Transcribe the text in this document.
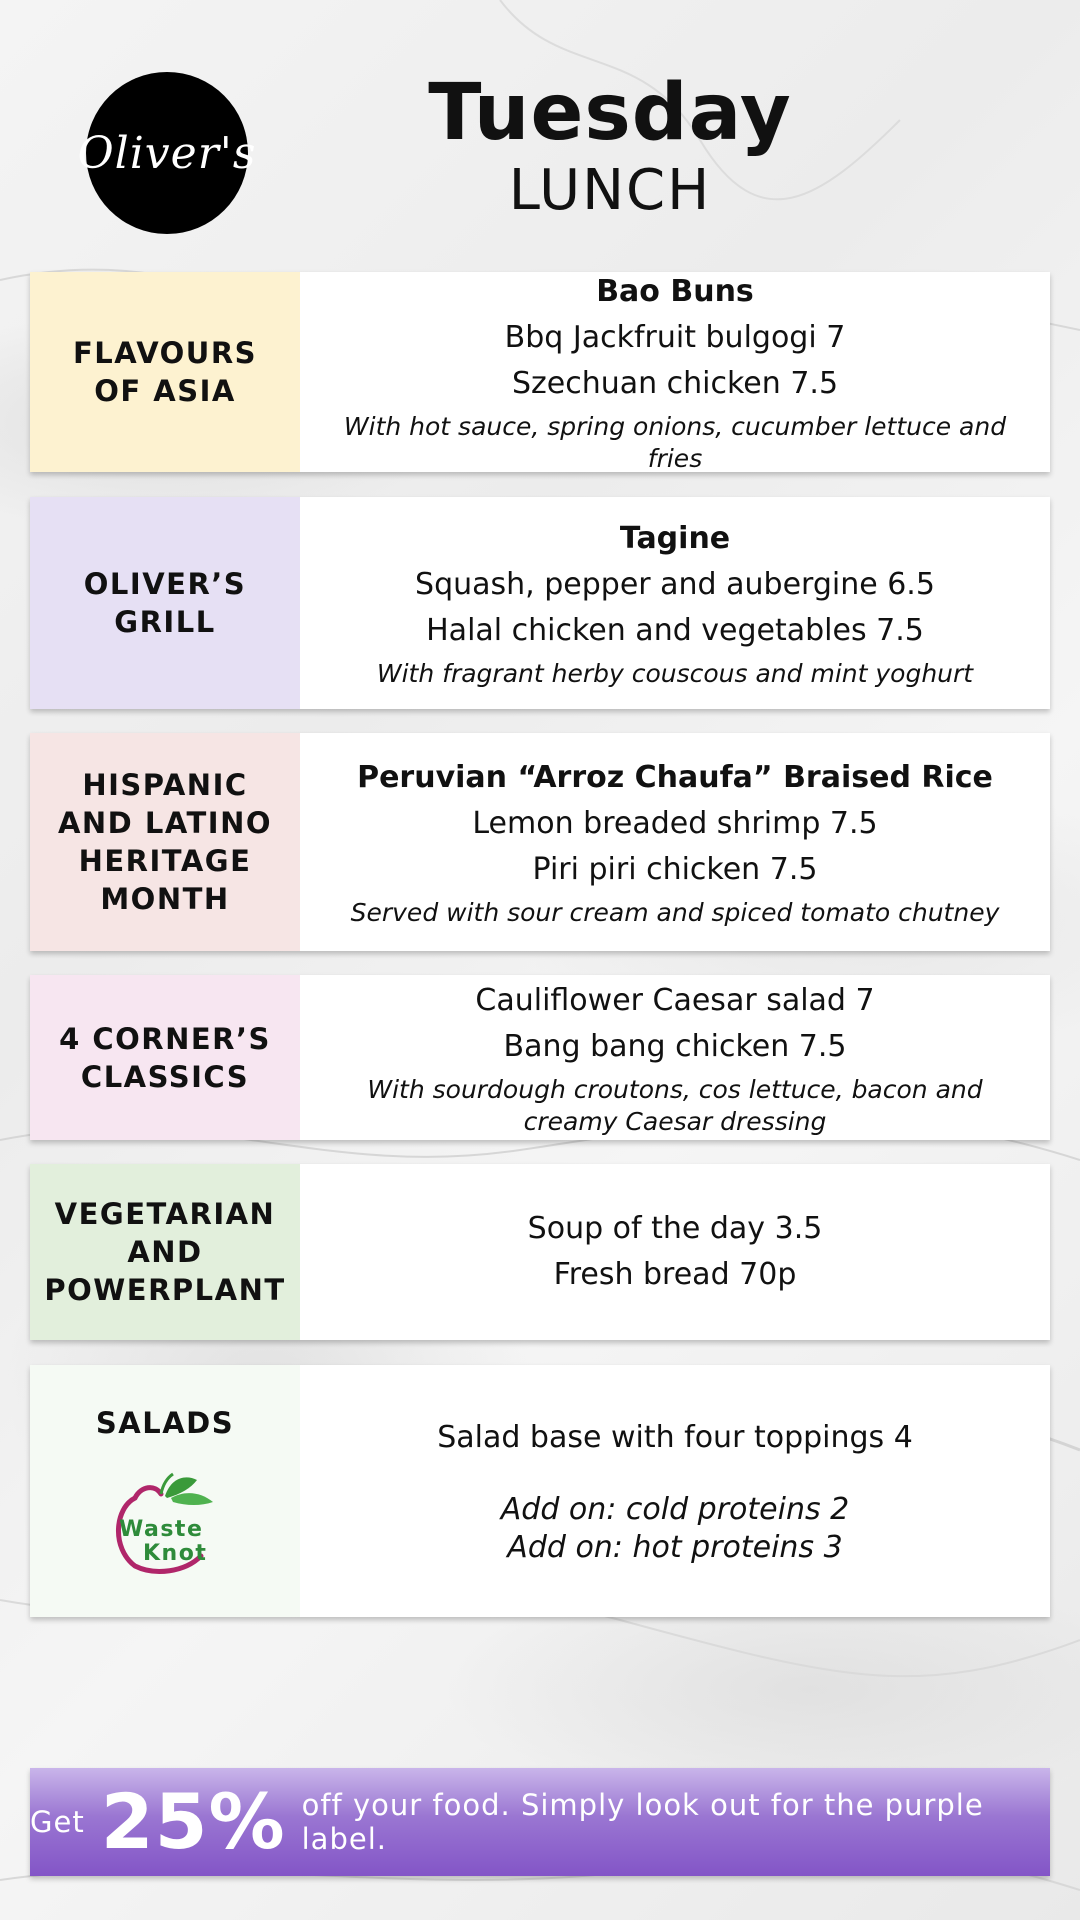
Oliver's	Tuesday
LUNCH
FLAVOURS OF ASIA
Bao Buns
Bbq Jackfruit bulgogi 7
Szechuan chicken 7.5
With hot sauce, spring onions, cucumber lettuce and fries
OLIVER’S GRILL
Tagine
Squash, pepper and aubergine 6.5
Halal chicken and vegetables 7.5
With fragrant herby couscous and mint yoghurt
HISPANIC AND LATINO HERITAGE MONTH
Peruvian “Arroz Chaufa” Braised Rice
Lemon breaded shrimp 7.5
Piri piri chicken 7.5
Served with sour cream and spiced tomato chutney
4 CORNER’S CLASSICS
Cauliflower Caesar salad 7
Bang bang chicken 7.5
With sourdough croutons, cos lettuce, bacon and creamy Caesar dressing
VEGETARIAN AND POWERPLANT
Soup of the day 3.5
Fresh bread 70p
SALADS
Waste
Knot
Salad base with four toppings 4
Add on: cold proteins 2
Add on: hot proteins 3
Get 25% off your food. Simply look out for the purple label.
